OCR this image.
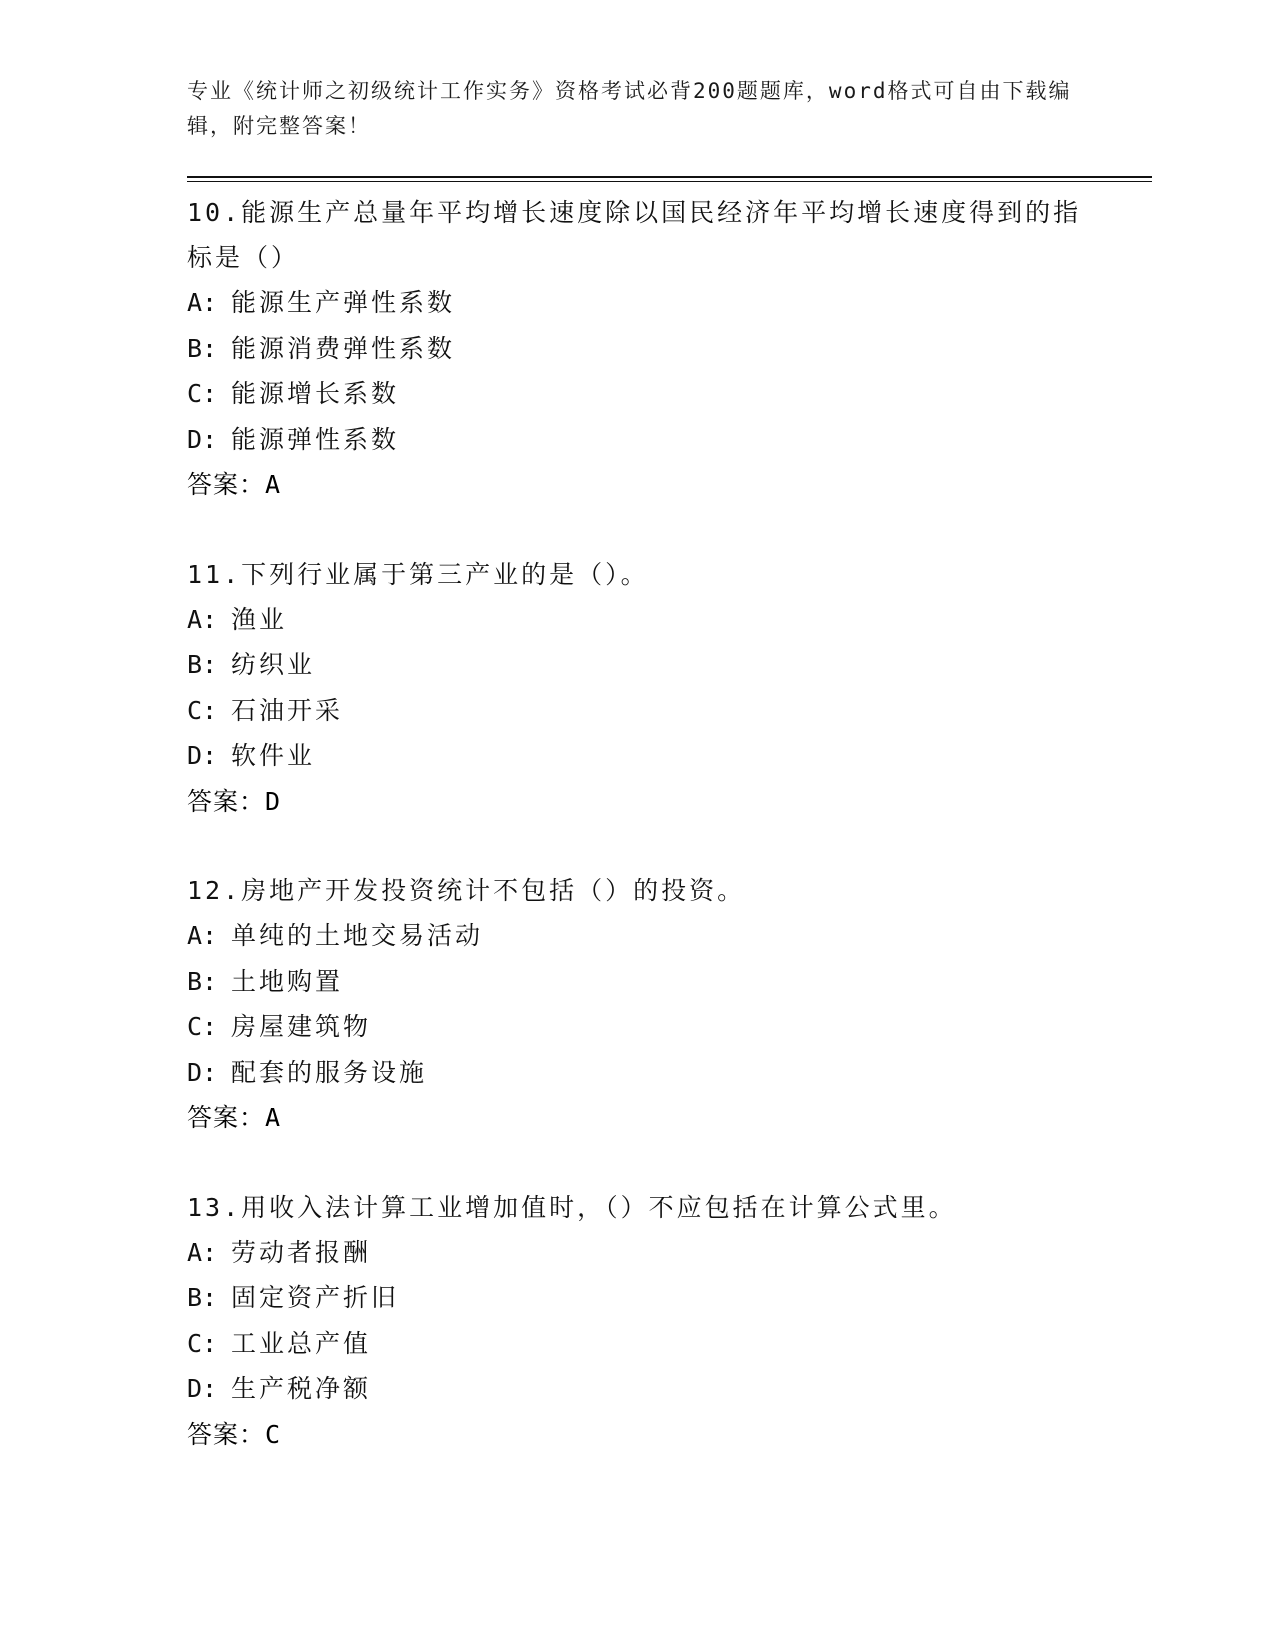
专业《统计师之初级统计工作实务》资格考试必背200题题库，word格式可自由下载编辑，附完整答案！
10.能源生产总量年平均增长速度除以国民经济年平均增长速度得到的指标是（）
A: 能源生产弹性系数
B: 能源消费弹性系数
C: 能源增长系数
D: 能源弹性系数
答案：A
11.下列行业属于第三产业的是（）。
A: 渔业
B: 纺织业
C: 石油开采
D: 软件业
答案：D
12.房地产开发投资统计不包括（）的投资。
A: 单纯的土地交易活动
B: 土地购置
C: 房屋建筑物
D: 配套的服务设施
答案：A
13.用收入法计算工业增加值时，（）不应包括在计算公式里。
A: 劳动者报酬
B: 固定资产折旧
C: 工业总产值
D: 生产税净额
答案：C
